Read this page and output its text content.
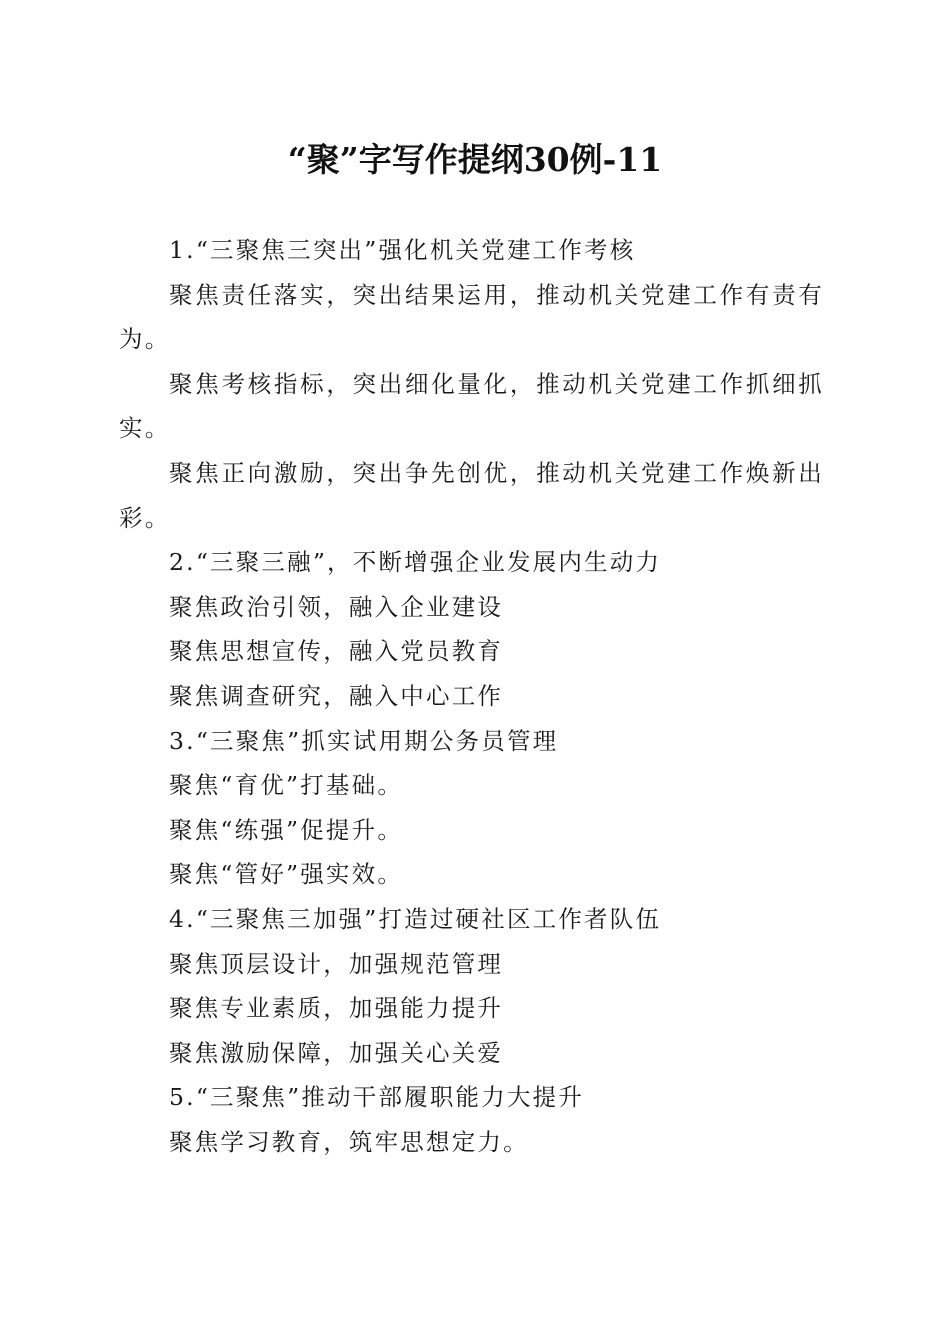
“聚”字写作提纲30例-11

1.“三聚焦三突出”强化机关党建工作考核

聚焦责任落实，突出结果运用，推动机关党建工作有责有为。

聚焦考核指标，突出细化量化，推动机关党建工作抓细抓实。

聚焦正向激励，突出争先创优，推动机关党建工作焕新出彩。

2.“三聚三融”，不断增强企业发展内生动力

聚焦政治引领，融入企业建设

聚焦思想宣传，融入党员教育

聚焦调查研究，融入中心工作

3.“三聚焦”抓实试用期公务员管理

聚焦“育优”打基础。

聚焦“练强”促提升。

聚焦“管好”强实效。

4.“三聚焦三加强”打造过硬社区工作者队伍

聚焦顶层设计，加强规范管理

聚焦专业素质，加强能力提升

聚焦激励保障，加强关心关爱

5.“三聚焦”推动干部履职能力大提升

聚焦学习教育，筑牢思想定力。
